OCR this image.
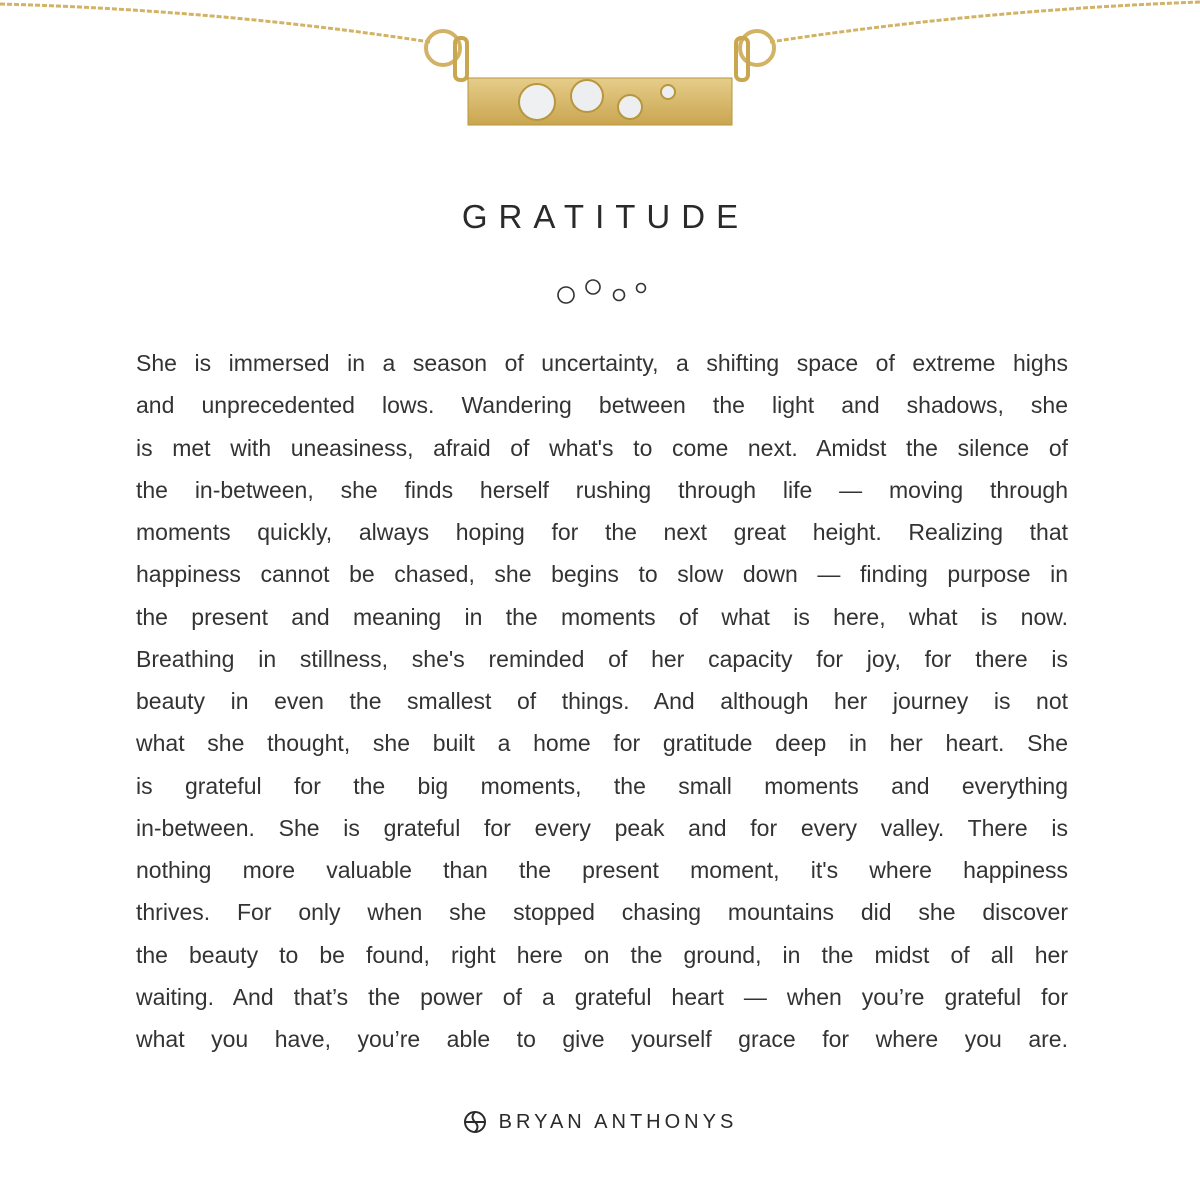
GRATITUDE
She is immersed in a season of uncertainty, a shifting space of extreme highs
and unprecedented lows. Wandering between the light and shadows, she
is met with uneasiness, afraid of what's to come next. Amidst the silence of
the in-between, she finds herself rushing through life — moving through
moments quickly, always hoping for the next great height. Realizing that
happiness cannot be chased, she begins to slow down — finding purpose in
the present and meaning in the moments of what is here, what is now.
Breathing in stillness, she's reminded of her capacity for joy, for there is
beauty in even the smallest of things. And although her journey is not
what she thought, she built a home for gratitude deep in her heart. She
is grateful for the big moments, the small moments and everything
in-between. She is grateful for every peak and for every valley. There is
nothing more valuable than the present moment, it's where happiness
thrives. For only when she stopped chasing mountains did she discover
the beauty to be found, right here on the ground, in the midst of all her
waiting. And that’s the power of a grateful heart — when you’re grateful for
what you have, you’re able to give yourself grace for where you are.
BRYAN ANTHONYS
